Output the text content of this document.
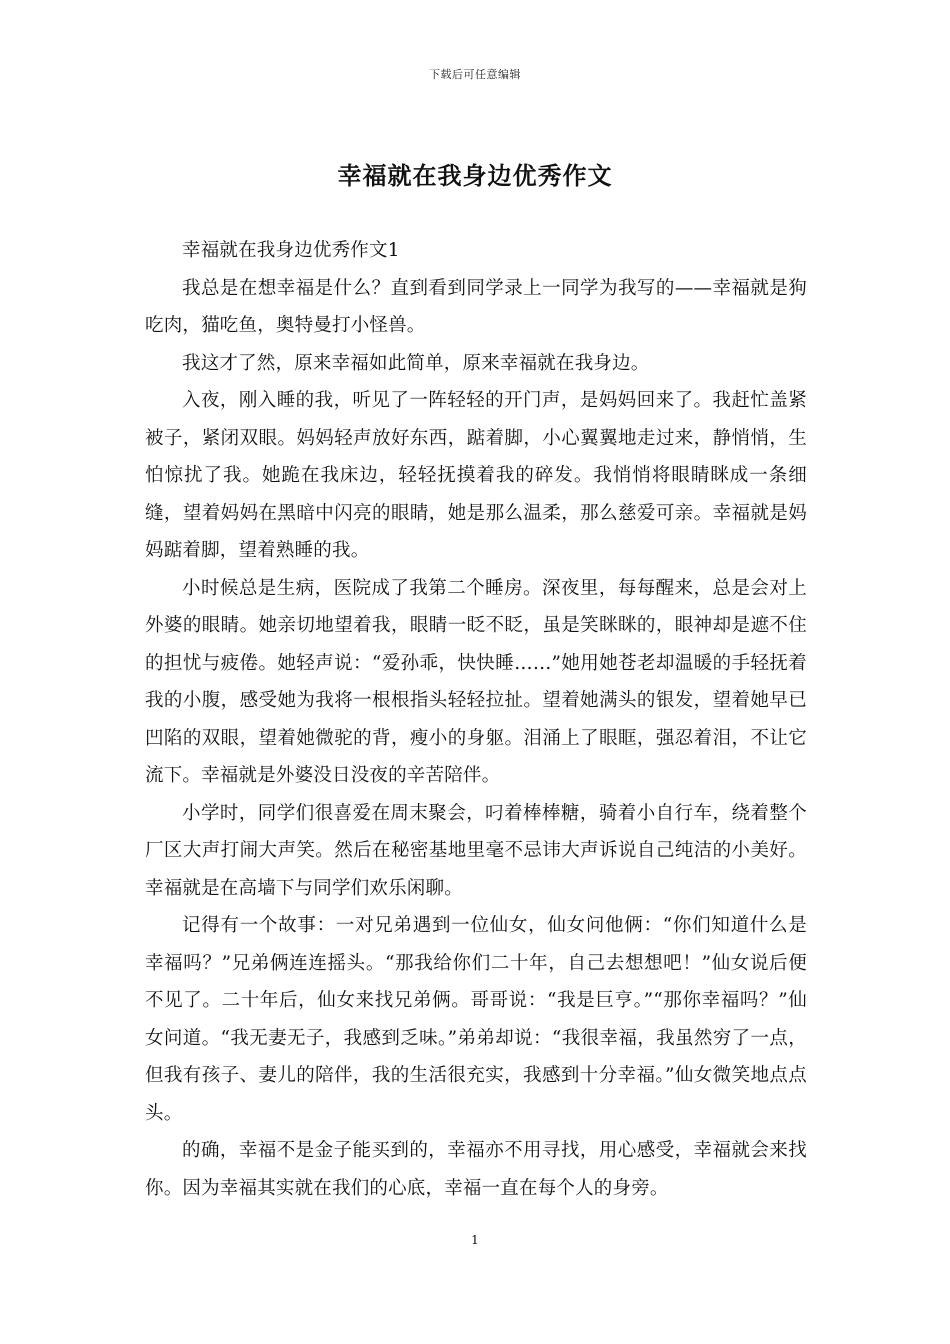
下载后可任意编辑
幸福就在我身边优秀作文

幸福就在我身边优秀作文1

我总是在想幸福是什么？直到看到同学录上一同学为我写的——幸福就是狗吃肉，猫吃鱼，奥特曼打小怪兽。

我这才了然，原来幸福如此简单，原来幸福就在我身边。

入夜，刚入睡的我，听见了一阵轻轻的开门声，是妈妈回来了。我赶忙盖紧被子，紧闭双眼。妈妈轻声放好东西，踮着脚，小心翼翼地走过来，静悄悄，生怕惊扰了我。她跪在我床边，轻轻抚摸着我的碎发。我悄悄将眼睛眯成一条细缝，望着妈妈在黑暗中闪亮的眼睛，她是那么温柔，那么慈爱可亲。幸福就是妈妈踮着脚，望着熟睡的我。

小时候总是生病，医院成了我第二个睡房。深夜里，每每醒来，总是会对上外婆的眼睛。她亲切地望着我，眼睛一眨不眨，虽是笑眯眯的，眼神却是遮不住的担忧与疲倦。她轻声说：“爱孙乖，快快睡……”她用她苍老却温暖的手轻抚着我的小腹，感受她为我将一根根指头轻轻拉扯。望着她满头的银发，望着她早已凹陷的双眼，望着她微驼的背，瘦小的身躯。泪涌上了眼眶，强忍着泪，不让它流下。幸福就是外婆没日没夜的辛苦陪伴。

小学时，同学们很喜爱在周末聚会，叼着棒棒糖，骑着小自行车，绕着整个厂区大声打闹大声笑。然后在秘密基地里毫不忌讳大声诉说自己纯洁的小美好。幸福就是在高墙下与同学们欢乐闲聊。

记得有一个故事：一对兄弟遇到一位仙女，仙女问他俩：“你们知道什么是幸福吗？”兄弟俩连连摇头。“那我给你们二十年，自己去想想吧！”仙女说后便不见了。二十年后，仙女来找兄弟俩。哥哥说：“我是巨亨。”“那你幸福吗？”仙女问道。“我无妻无子，我感到乏味。”弟弟却说：“我很幸福，我虽然穷了一点，但我有孩子、妻儿的陪伴，我的生活很充实，我感到十分幸福。”仙女微笑地点点头。

的确，幸福不是金子能买到的，幸福亦不用寻找，用心感受，幸福就会来找你。因为幸福其实就在我们的心底，幸福一直在每个人的身旁。

1
